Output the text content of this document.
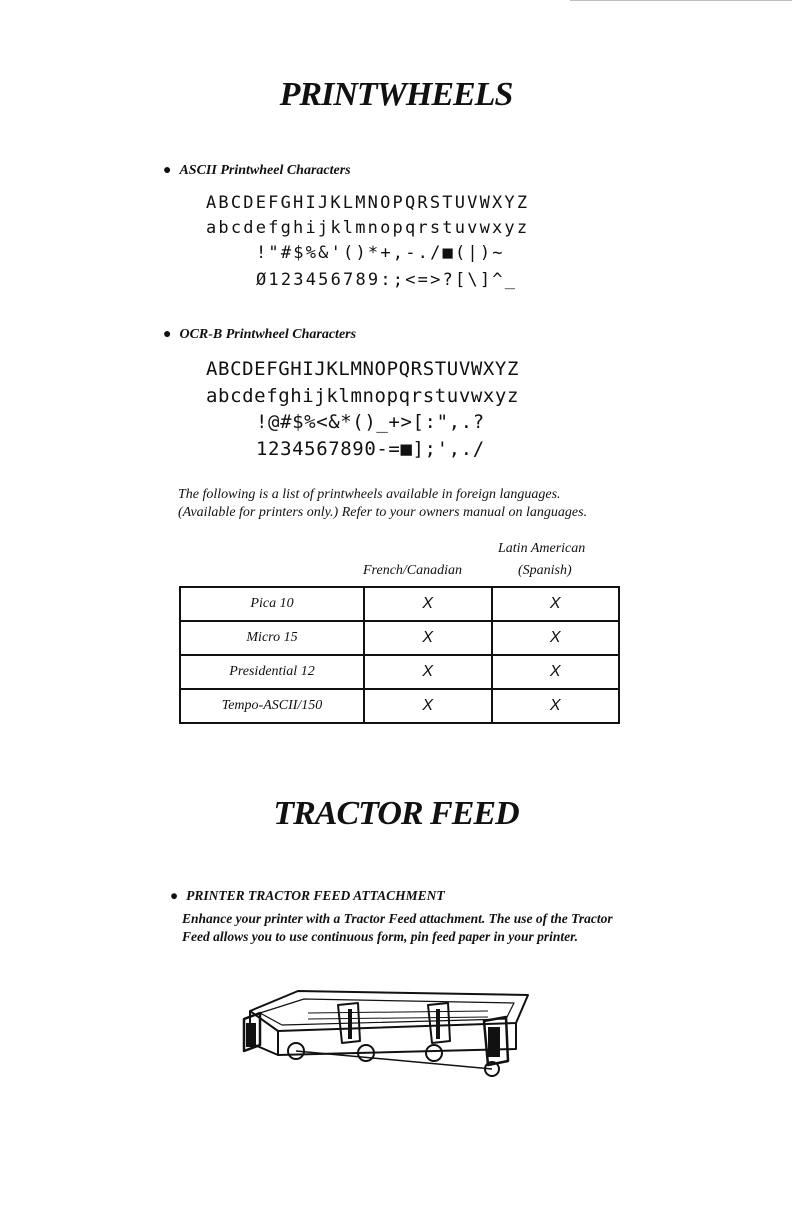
PRINTWHEELS
● ASCII Printwheel Characters
ABCDEFGHIJKLMNOPQRSTUVWXYZ
abcdefghijklmnopqrstuvwxyz
!"#$%&'()*+,-./■(|)~
Ø123456789:;<=>?[\]^_
● OCR-B Printwheel Characters
ABCDEFGHIJKLMNOPQRSTUVWXYZ
abcdefghijklmnopqrstuvwxyz
!@#$%<&*()_+>[:",.?
1234567890-=■];',./
The following is a list of printwheels available in foreign languages. (Available for printers only.) Refer to your owners manual on languages.
Latin American
French/Canadian	(Spanish)
Pica 10	X	X
Micro 15	X	X
Presidential 12	X	X
Tempo-ASCII/150	X	X
TRACTOR FEED
● PRINTER TRACTOR FEED ATTACHMENT
Enhance your printer with a Tractor Feed attachment. The use of the Tractor Feed allows you to use continuous form, pin feed paper in your printer.
